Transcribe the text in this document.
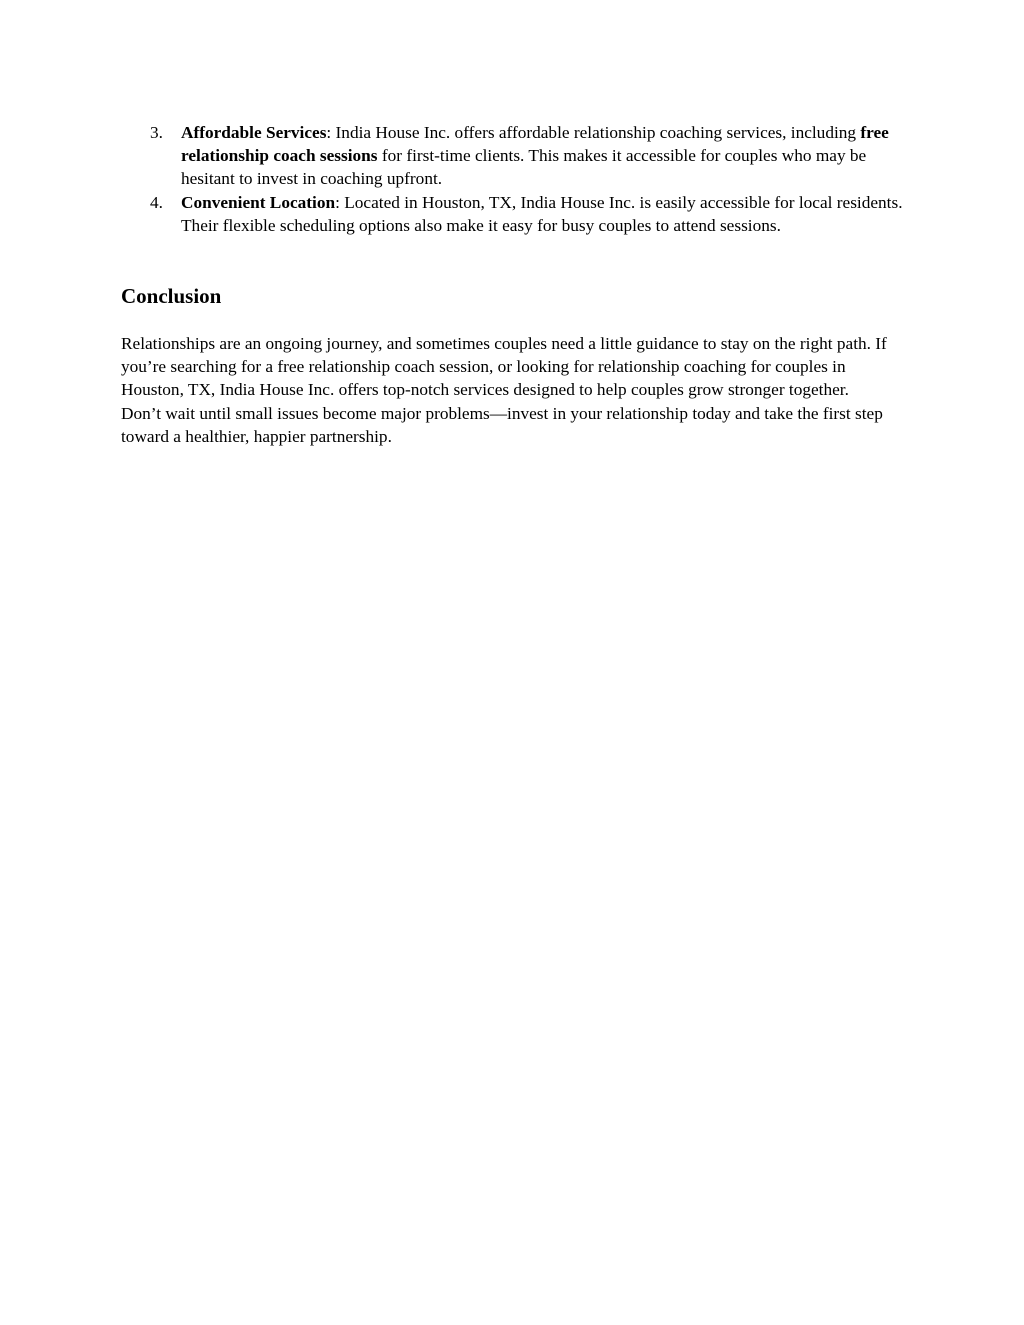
3. Affordable Services: India House Inc. offers affordable relationship coaching services, including free relationship coach sessions for first-time clients. This makes it accessible for couples who may be hesitant to invest in coaching upfront.
4. Convenient Location: Located in Houston, TX, India House Inc. is easily accessible for local residents. Their flexible scheduling options also make it easy for busy couples to attend sessions.
Conclusion

Relationships are an ongoing journey, and sometimes couples need a little guidance to stay on the right path. If you’re searching for a free relationship coach session, or looking for relationship coaching for couples in Houston, TX, India House Inc. offers top-notch services designed to help couples grow stronger together. Don’t wait until small issues become major problems—invest in your relationship today and take the first step toward a healthier, happier partnership.
